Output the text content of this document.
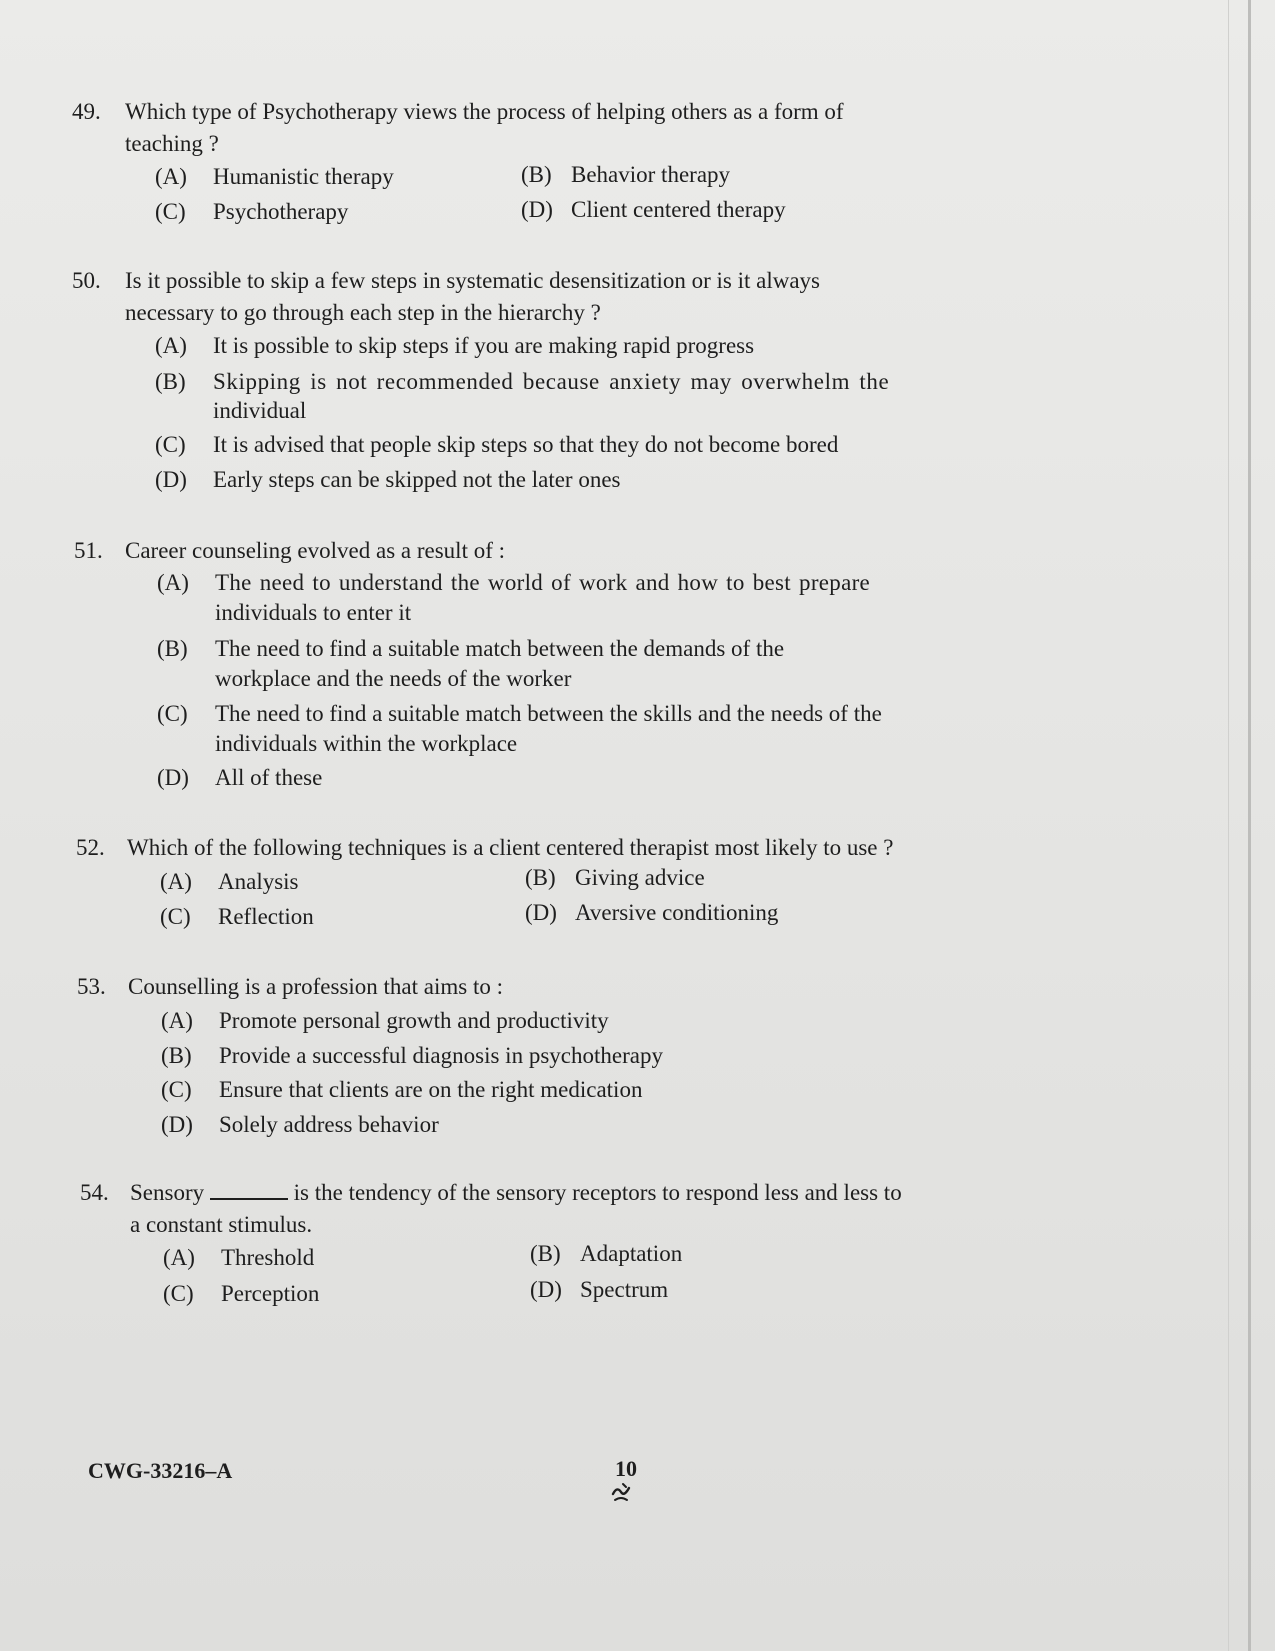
49. Which type of Psychotherapy views the process of helping others as a form of
teaching ?
(A) Humanistic therapy	(B) Behavior therapy
(C) Psychotherapy	(D) Client centered therapy
50. Is it possible to skip a few steps in systematic desensitization or is it always
necessary to go through each step in the hierarchy ?
(A) It is possible to skip steps if you are making rapid progress
(B) Skipping is not recommended because anxiety may overwhelm the
individual
(C) It is advised that people skip steps so that they do not become bored
(D) Early steps can be skipped not the later ones
51. Career counseling evolved as a result of :
(A) The need to understand the world of work and how to best prepare
individuals to enter it
(B) The need to find a suitable match between the demands of the
workplace and the needs of the worker
(C) The need to find a suitable match between the skills and the needs of the
individuals within the workplace
(D) All of these
52. Which of the following techniques is a client centered therapist most likely to use ?
(A) Analysis	(B) Giving advice
(C) Reflection	(D) Aversive conditioning
53. Counselling is a profession that aims to :
(A) Promote personal growth and productivity
(B) Provide a successful diagnosis in psychotherapy
(C) Ensure that clients are on the right medication
(D) Solely address behavior
54. Sensory	is the tendency of the sensory receptors to respond less and less to
a constant stimulus.
(A) Threshold	(B) Adaptation
(C) Perception	(D) Spectrum
CWG-33216–A	10
